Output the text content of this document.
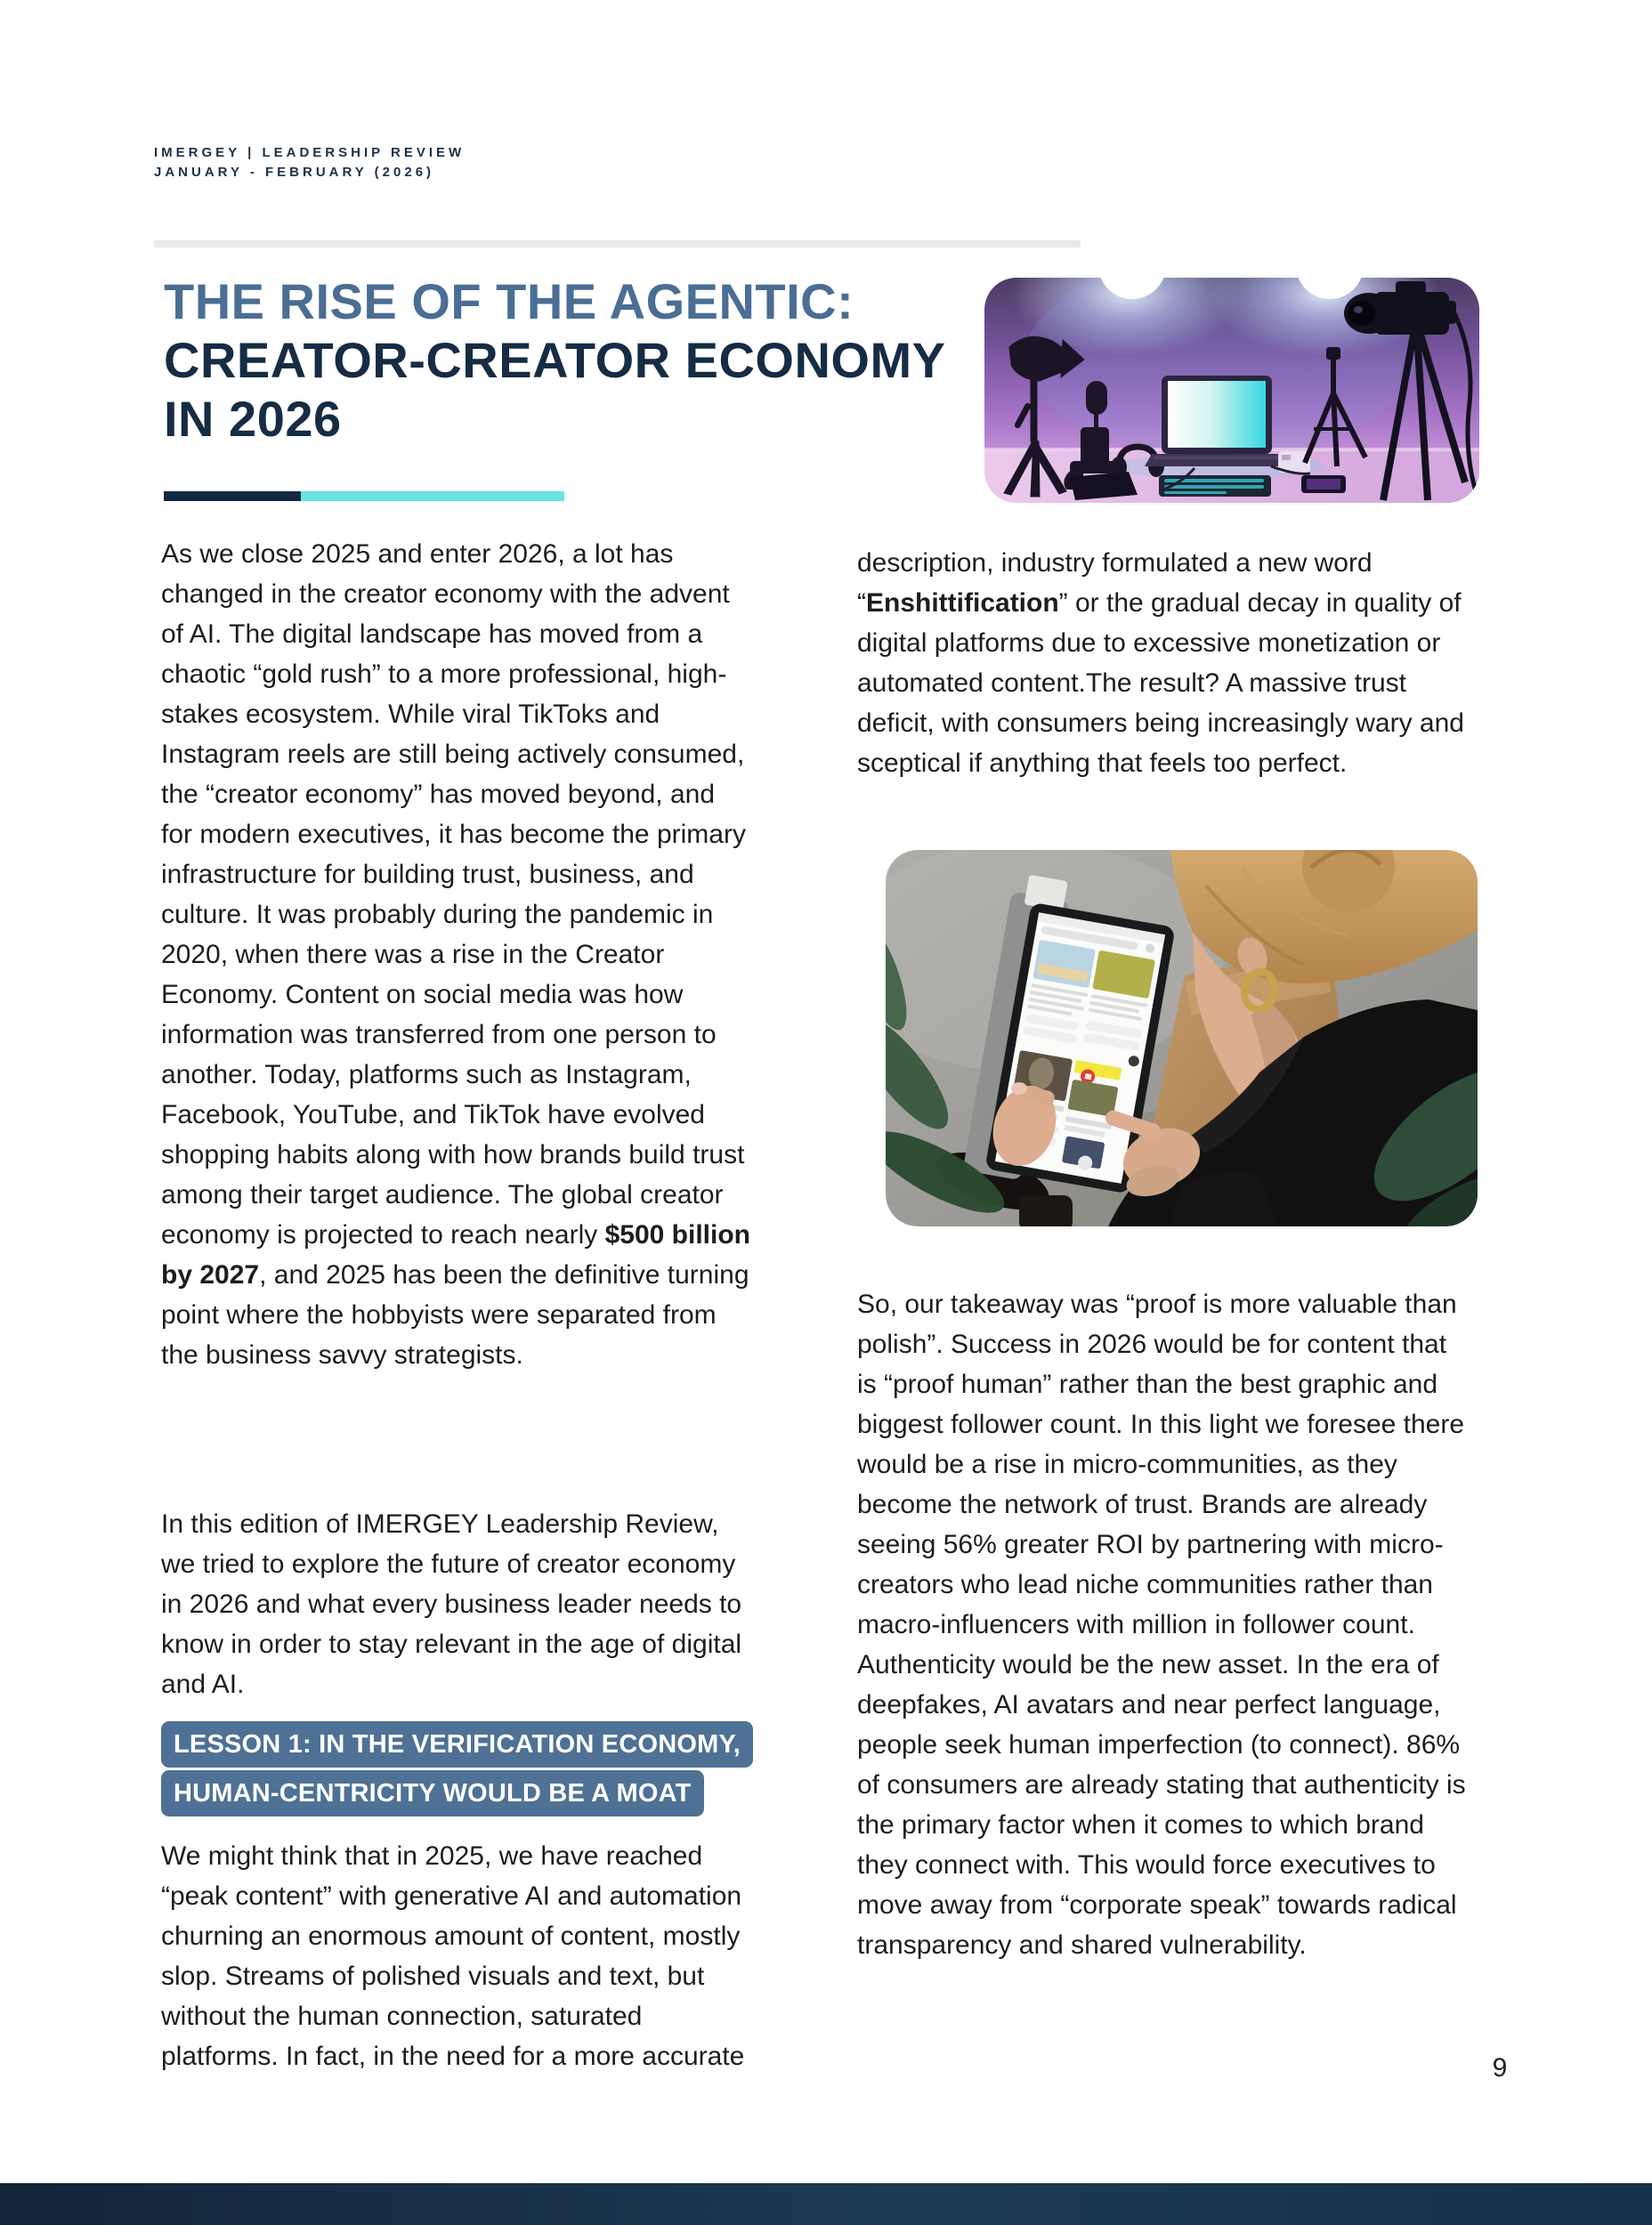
IMERGEY | LEADERSHIP REVIEW
JANUARY - FEBRUARY (2026)
THE RISE OF THE AGENTIC:
CREATOR-CREATOR ECONOMY
IN 2026

As we close 2025 and enter 2026, a lot has changed in the creator economy with the advent of AI. The digital landscape has moved from a chaotic “gold rush” to a more professional, high-stakes ecosystem. While viral TikToks and Instagram reels are still being actively consumed, the “creator economy” has moved beyond, and for modern executives, it has become the primary infrastructure for building trust, business, and culture. It was probably during the pandemic in 2020, when there was a rise in the Creator Economy. Content on social media was how information was transferred from one person to another. Today, platforms such as Instagram, Facebook, YouTube, and TikTok have evolved shopping habits along with how brands build trust among their target audience. The global creator economy is projected to reach nearly $500 billion by 2027, and 2025 has been the definitive turning point where the hobbyists were separated from the business savvy strategists.

In this edition of IMERGEY Leadership Review, we tried to explore the future of creator economy in 2026 and what every business leader needs to know in order to stay relevant in the age of digital and AI.

LESSON 1: IN THE VERIFICATION ECONOMY,
HUMAN-CENTRICITY WOULD BE A MOAT

We might think that in 2025, we have reached “peak content” with generative AI and automation churning an enormous amount of content, mostly slop. Streams of polished visuals and text, but without the human connection, saturated platforms. In fact, in the need for a more accurate

description, industry formulated a new word “Enshittification” or the gradual decay in quality of digital platforms due to excessive monetization or automated content.The result? A massive trust deficit, with consumers being increasingly wary and sceptical if anything that feels too perfect.

So, our takeaway was “proof is more valuable than polish”. Success in 2026 would be for content that is “proof human” rather than the best graphic and biggest follower count. In this light we foresee there would be a rise in micro-communities, as they become the network of trust. Brands are already seeing 56% greater ROI by partnering with micro-creators who lead niche communities rather than macro-influencers with million in follower count. Authenticity would be the new asset. In the era of deepfakes, AI avatars and near perfect language, people seek human imperfection (to connect). 86% of consumers are already stating that authenticity is the primary factor when it comes to which brand they connect with. This would force executives to move away from “corporate speak” towards radical transparency and shared vulnerability.

9
